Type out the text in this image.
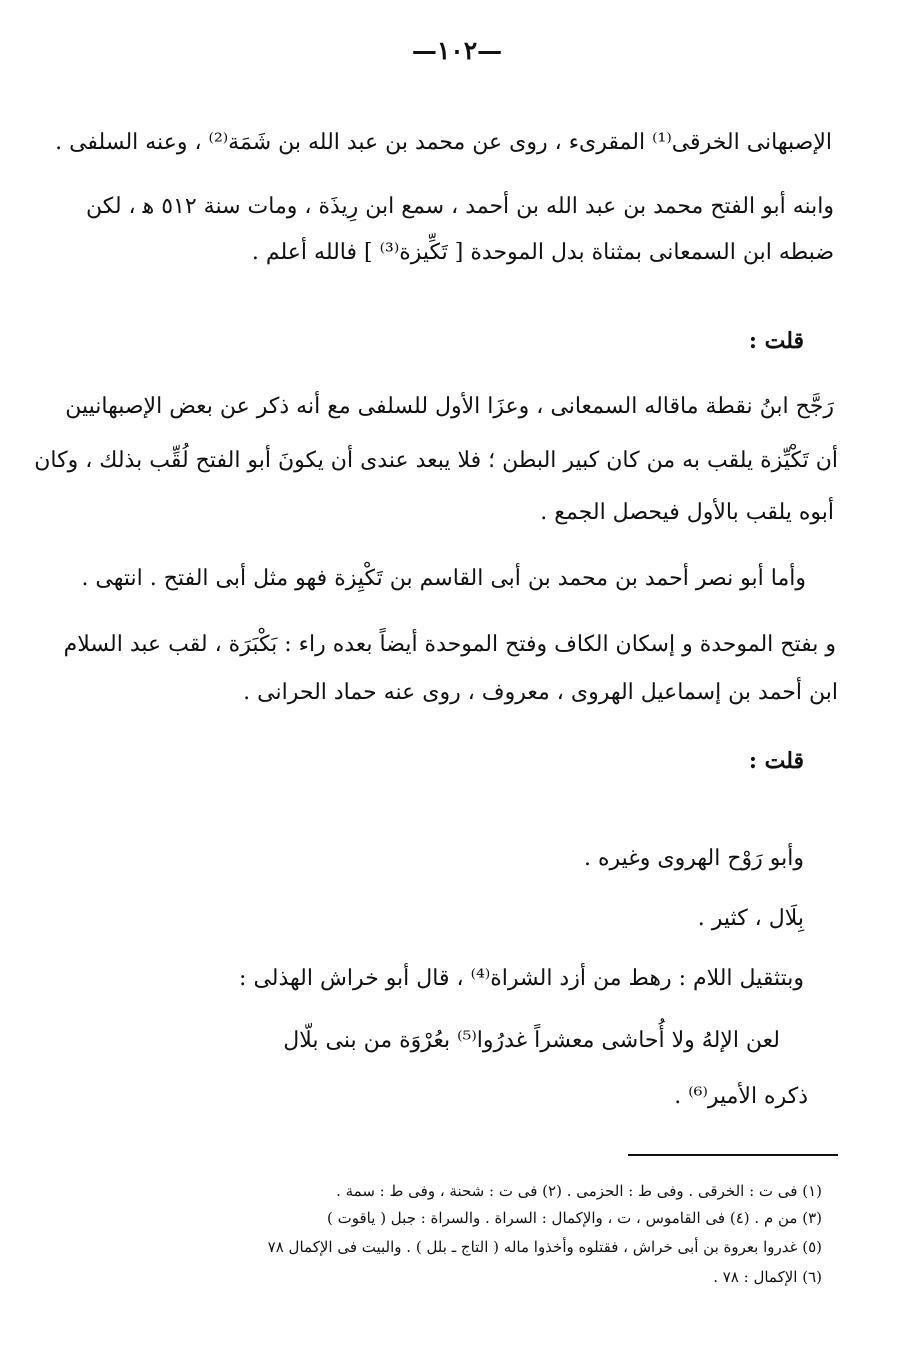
—١٠٢—
الإصبهانى الخرقى⁽¹⁾ المقرىء ، روى عن محمد بن عبد الله بن شَمَة⁽²⁾ ، وعنه السلفى .
وابنه أبو الفتح محمد بن عبد الله بن أحمد ، سمع ابن رِيذَة ، ومات سنة ٥١٢ ﻫ ، لكن
ضبطه ابن السمعانى بمثناة بدل الموحدة [ تَكِّيزة⁽³⁾ ] فالله أعلم .
قلت :
رَجَّح ابنُ نقطة ماقاله السمعانى ، وعزَا الأول للسلفى مع أنه ذكر عن بعض الإصبهانيين
أن تَكْيِّزة يلقب به من كان كبير البطن ؛ فلا يبعد عندى أن يكونَ أبو الفتح لُقِّب بذلك ، وكان
أبوه يلقب بالأول فيحصل الجمع .
وأما أبو نصر أحمد بن محمد بن أبى القاسم بن تَكْيِزة فهو مثل أبى الفتح . انتهى .
و بفتح الموحدة و إسكان الكاف وفتح الموحدة أيضاً بعده راء : بَكْبَرَة ، لقب عبد السلام
ابن أحمد بن إسماعيل الهروى ، معروف ، روى عنه حماد الحرانى .
قلت :
وأبو رَوْح الهروى وغيره .
بِلَال ، كثير .
وبتثقيل اللام : رهط من أزد الشراة⁽⁴⁾ ، قال أبو خراش الهذلى :
لعن الإلهُ ولا أُحاشى معشراً غدرُوا⁽⁵⁾ بعُرْوَة من بنى بلّال
ذكره الأمير⁽⁶⁾ .
(١) فى ت : الخرقى . وفى ط : الحزمى . (٢) فى ت : شحنة ، وفى ط : سمة .
(٣) من م . (٤) فى القاموس ، ت ، والإكمال : السراة . والسراة : جبل ( ياقوت )
(٥) غدروا بعروة بن أبى خراش ، فقتلوه وأخذوا ماله ( التاج ـ بلل ) . والبيت فى الإكمال ٧٨
(٦) الإكمال : ٧٨ .
